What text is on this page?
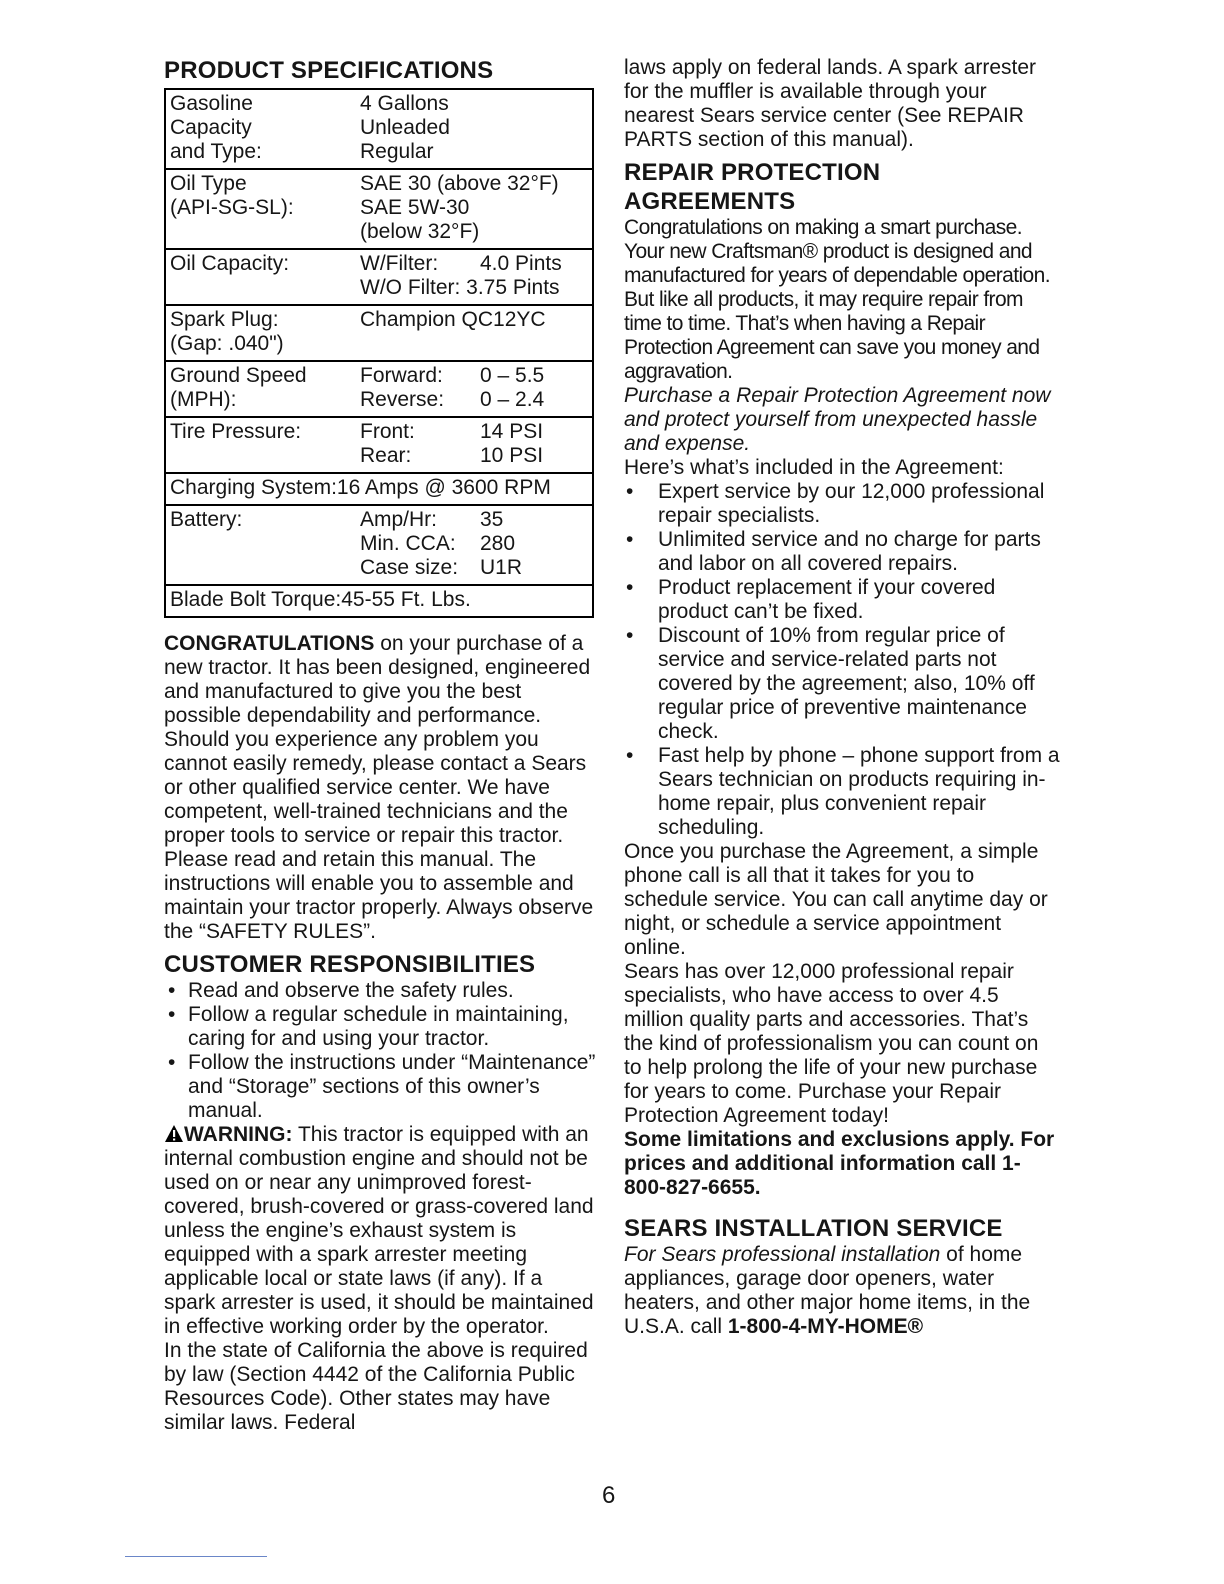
PRODUCT SPECIFICATIONS
Gasoline	4 Gallons
Capacity	Unleaded
and Type:	Regular
Oil Type	SAE 30 (above 32°F)
(API-SG-SL):	SAE 5W-30
(below 32°F)
Oil Capacity:	W/Filter:	4.0 Pints
W/O Filter: 3.75 Pints
Spark Plug:	Champion QC12YC
(Gap: .040")
Ground Speed	Forward:	0 – 5.5
(MPH):	Reverse:	0 – 2.4
Tire Pressure:	Front:	14 PSI
Rear:	10 PSI
Charging System:16 Amps @ 3600 RPM
Battery:	Amp/Hr:	35
Min. CCA:	280
Case size:	U1R
Blade Bolt Torque:45-55 Ft. Lbs.

CONGRATULATIONS on your purchase of a new tractor. It has been designed, engineered and manufactured to give you the best possible dependability and performance.

Should you experience any problem you cannot easily remedy, please contact a Sears or other qualified service center. We have competent, well-trained technicians and the proper tools to service or repair this tractor.

Please read and retain this manual. The instructions will enable you to assemble and maintain your tractor properly. Always observe the “SAFETY RULES”.

CUSTOMER RESPONSIBILITIES
• Read and observe the safety rules.
• Follow a regular schedule in maintaining, caring for and using your tractor.
• Follow the instructions under “Maintenance” and “Storage” sections of this owner’s manual.

WARNING: This tractor is equipped with an internal combustion engine and should not be used on or near any unimproved forest-covered, brush-covered or grass-covered land unless the engine’s exhaust system is equipped with a spark arrester meeting applicable local or state laws (if any). If a spark arrester is used, it should be maintained in effective working order by the operator.

In the state of California the above is required by law (Section 4442 of the California Public Resources Code). Other states may have similar laws. Federal

laws apply on federal lands. A spark arrester for the muffler is available through your nearest Sears service center (See REPAIR PARTS section of this manual).

REPAIR PROTECTION
AGREEMENTS

Congratulations on making a smart purchase. Your new Craftsman® product is designed and manufactured for years of dependable operation. But like all products, it may require repair from time to time. That’s when having a Repair Protection Agreement can save you money and aggravation.

Purchase a Repair Protection Agreement now and protect yourself from unexpected hassle and expense.

Here’s what’s included in the Agreement:

• Expert service by our 12,000 professional repair specialists.
• Unlimited service and no charge for parts and labor on all covered repairs.
• Product replacement if your covered product can’t be fixed.
• Discount of 10% from regular price of service and service-related parts not covered by the agreement; also, 10% off regular price of preventive maintenance check.
• Fast help by phone – phone support from a Sears technician on products requiring in-home repair, plus convenient repair scheduling.

Once you purchase the Agreement, a simple phone call is all that it takes for you to schedule service. You can call anytime day or night, or schedule a service appointment online.

Sears has over 12,000 professional repair specialists, who have access to over 4.5 million quality parts and accessories. That’s the kind of professionalism you can count on to help prolong the life of your new purchase for years to come. Purchase your Repair Protection Agreement today!

Some limitations and exclusions apply. For prices and additional information call 1-800-827-6655.

SEARS INSTALLATION SERVICE

For Sears professional installation of home appliances, garage door openers, water heaters, and other major home items, in the U.S.A. call 1-800-4-MY-HOME®

6
